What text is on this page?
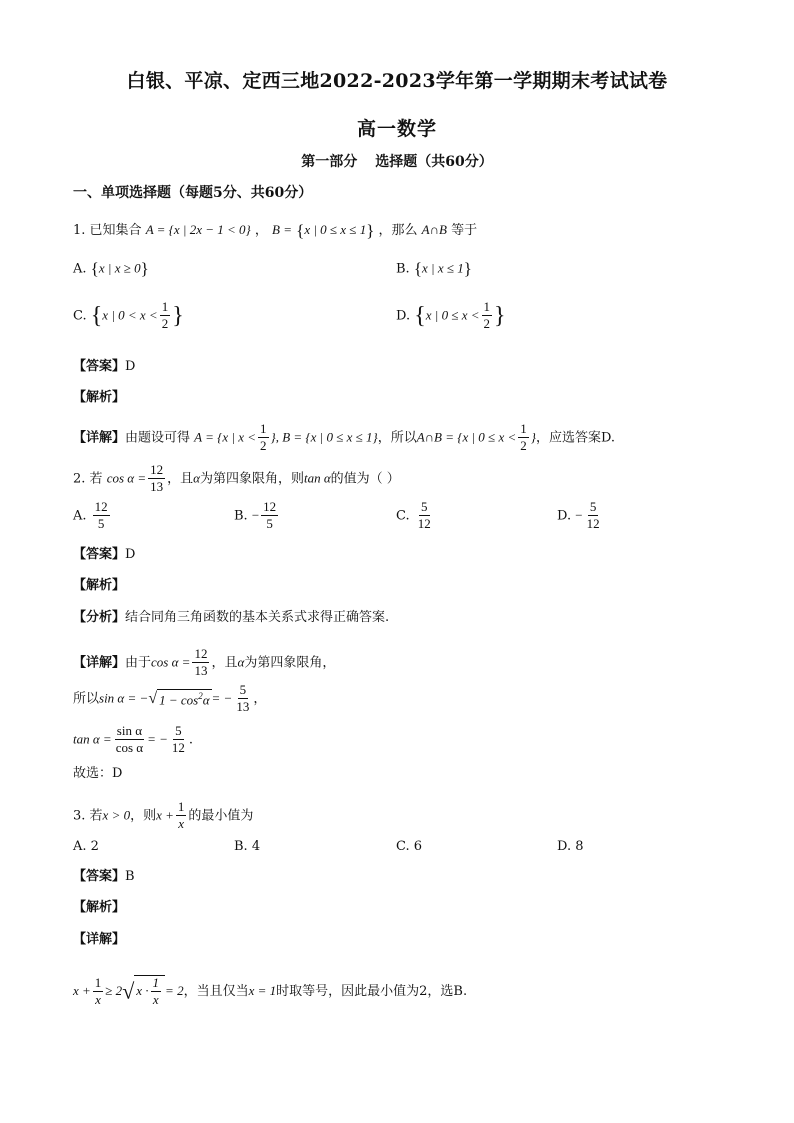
白银、平凉、定西三地2022-2023学年第一学期期末考试试卷
高一数学
第一部分 选择题（共60分）
一、单项选择题（每题5分、共60分）
1. 已知集合 A = {x | 2x − 1 < 0} ， B = {x | 0 ≤ x ≤ 1} ，那么 A∩B 等于
A. {x | x ≥ 0}	B. {x | x ≤ 1}
C. {x | $0 < x < \frac{1}{2}$ }	D. {x | $0 \le x < \frac{1}{2}$ }
【答案】D
【解析】
【详解】由题设可得 A = {x | $x < \frac{1}{2}$ }, B = {x | 0 ≤ x ≤ 1}，所以A∩B = {x | $0 \le x < \frac{1}{2}$ }，应选答案D.
2. 若 $\cos \alpha = \frac{12}{13}$ ，且α为第四象限角，则tan α的值为（ ）
A. $\frac{12}{5}$	B. − $\frac{12}{5}$	C. $\frac{5}{12}$	D. − $\frac{5}{12}$
【答案】D
【解析】
【分析】结合同角三角函数的基本关系式求得正确答案.
【详解】由于$\cos \alpha = \frac{12}{13}$ ，且α为第四象限角，
所以sin α = −√ $1 - \cos^2\alpha$ = − $\frac{5}{13}$ ，
$\tan \alpha = \frac{\text{sin α}}{\text{cos α}}$ = − $\frac{5}{12}$ .
故选：D
3. 若x > 0，则$x + \frac{1}{x}$ 的最小值为
A. 2	B. 4	C. 6	D. 8
【答案】B
【解析】
【详解】
$x + \frac{1}{x} \ge 2√$ $x \cdot \frac{1}{x} = 2$，当且仅当x = 1时取等号，因此最小值为2，选B.
